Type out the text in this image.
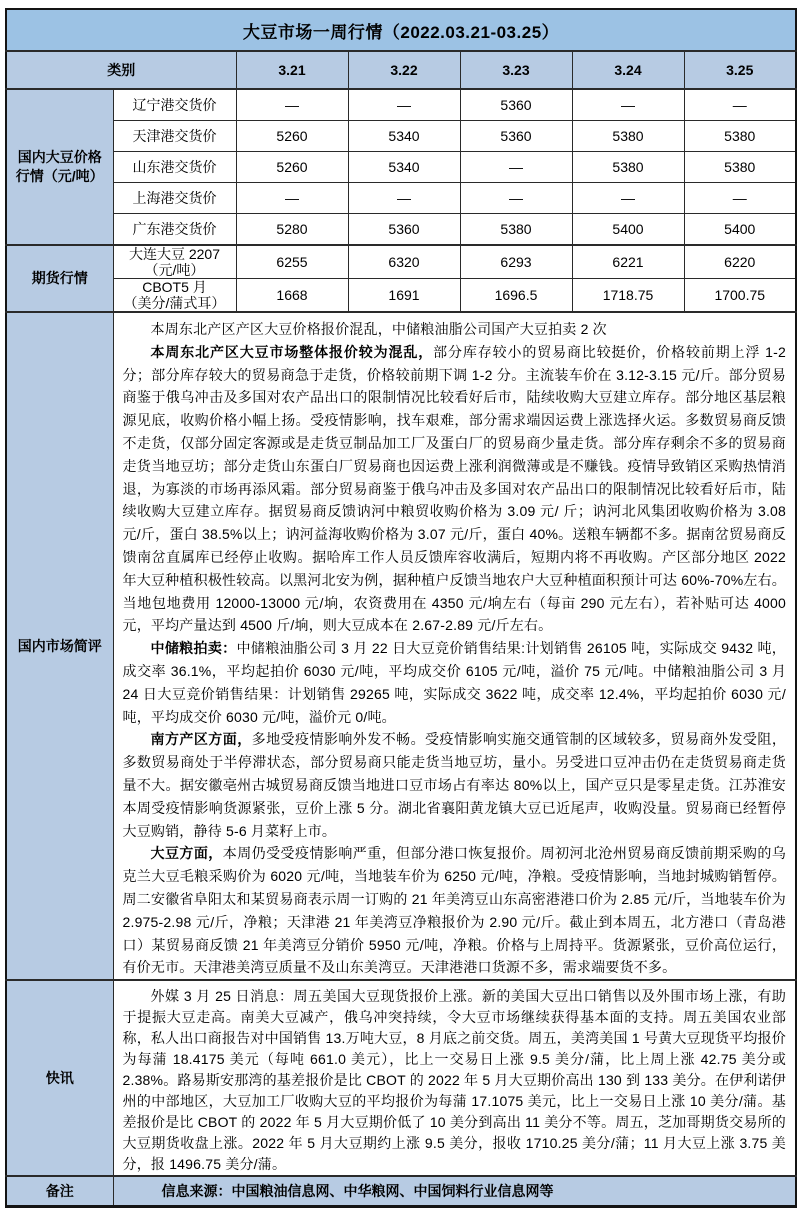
大豆市场一周行情（2022.03.21-03.25）						
类别		3.21	3.22	3.23	3.24	3.25
国内大豆价格
行情（元/吨）	辽宁港交货价	—	—	5360	—	—
	天津港交货价	5260	5340	5360	5380	5380
	山东港交货价	5260	5340	—	5380	5380
	上海港交货价	—	—	—	—	—
	广东港交货价	5280	5360	5380	5400	5400
期货行情	大连大豆 2207
（元/吨）	6255	6320	6293	6221	6220
	CBOT5 月
（美分/蒲式耳）	1668	1691	1696.5	1718.75	1700.75
国内市场简评	本周东北产区产区大豆价格报价混乱，中储粮油脂公司国产大豆拍卖 2 次
本周东北产区大豆市场整体报价较为混乱，部分库存较小的贸易商比较挺价，价格较前期上浮 1-2 分；部分库存较大的贸易商急于走货，价格较前期下调 1-2 分。主流装车价在 3.12-3.15 元/斤。部分贸易商鉴于俄乌冲击及多国对农产品出口的限制情况比较看好后市，陆续收购大豆建立库存。部分地区基层粮源见底，收购价格小幅上扬。受疫情影响，找车艰难，部分需求端因运费上涨选择火运。多数贸易商反馈不走货，仅部分固定客源或是走货豆制品加工厂及蛋白厂的贸易商少量走货。部分库存剩余不多的贸易商走货当地豆坊；部分走货山东蛋白厂贸易商也因运费上涨利润微薄或是不赚钱。疫情导致销区采购热情消退，为寡淡的市场再添风霜。部分贸易商鉴于俄乌冲击及多国对农产品出口的限制情况比较看好后市，陆续收购大豆建立库存。据贸易商反馈讷河中粮贸收购价格为 3.09 元/ 斤；讷河北风集团收购价格为 3.08 元/斤，蛋白 38.5%以上；讷河益海收购价格为 3.07 元/斤，蛋白 40%。送粮车辆都不多。据南岔贸易商反馈南岔直属库已经停止收购。据哈库工作人员反馈库容收满后，短期内将不再收购。产区部分地区 2022 年大豆种植积极性较高。以黑河北安为例，据种植户反馈当地农户大豆种植面积预计可达 60%-70%左右。当地包地费用 12000-13000 元/垧，农资费用在 4350 元/垧左右（每亩 290 元左右），若补贴可达 4000 元，平均产量达到 4500 斤/垧，则大豆成本在 2.67-2.89 元/斤左右。
中储粮拍卖：中储粮油脂公司 3 月 22 日大豆竞价销售结果:计划销售 26105 吨，实际成交 9432 吨，成交率 36.1%，平均起拍价 6030 元/吨，平均成交价 6105 元/吨，溢价 75 元/吨。中储粮油脂公司 3 月 24 日大豆竞价销售结果：计划销售 29265 吨，实际成交 3622 吨，成交率 12.4%，平均起拍价 6030 元/吨，平均成交价 6030 元/吨，溢价元 0/吨。
南方产区方面，多地受疫情影响外发不畅。受疫情影响实施交通管制的区域较多，贸易商外发受阻，多数贸易商处于半停滞状态，部分贸易商只能走货当地豆坊，量小。另受进口豆冲击仍在走货贸易商走货量不大。据安徽亳州古城贸易商反馈当地进口豆市场占有率达 80%以上，国产豆只是零星走货。江苏淮安本周受疫情影响货源紧张，豆价上涨 5 分。湖北省襄阳黄龙镇大豆已近尾声，收购没量。贸易商已经暂停大豆购销，静待 5-6 月菜籽上市。
大豆方面，本周仍受受疫情影响严重，但部分港口恢复报价。周初河北沧州贸易商反馈前期采购的乌克兰大豆毛粮采购价为 6020 元/吨，当地装车价为 6250 元/吨，净粮。受疫情影响，当地封城购销暂停。周二安徽省阜阳太和某贸易商表示周一订购的 21 年美湾豆山东高密港港口价为 2.85 元/斤，当地装车价为 2.975-2.98 元/斤，净粮；天津港 21 年美湾豆净粮报价为 2.90 元/斤。截止到本周五，北方港口（青岛港口）某贸易商反馈 21 年美湾豆分销价 5950 元/吨，净粮。价格与上周持平。货源紧张，豆价高位运行，有价无市。天津港美湾豆质量不及山东美湾豆。天津港港口货源不多，需求端要货不多。					

快讯	外媒 3 月 25 日消息：周五美国大豆现货报价上涨。新的美国大豆出口销售以及外围市场上涨，有助于提振大豆走高。南美大豆减产，俄乌冲突持续，令大豆市场继续获得基本面的支持。周五美国农业部称，私人出口商报告对中国销售 13.万吨大豆，8 月底之前交货。周五，美湾美国 1 号黄大豆现货平均报价为每蒲 18.4175 美元（每吨 661.0 美元），比上一交易日上涨 9.5 美分/蒲，比上周上涨 42.75 美分或 2.38%。路易斯安那湾的基差报价是比 CBOT 的 2022 年 5 月大豆期价高出 130 到 133 美分。在伊利诺伊州的中部地区，大豆加工厂收购大豆的平均报价为每蒲 17.1075 美元，比上一交易日上涨 10 美分/蒲。基差报价是比 CBOT 的 2022 年 5 月大豆期价低了 10 美分到高出 11 美分不等。周五，芝加哥期货交易所的大豆期货收盘上涨。2022 年 5 月大豆期约上涨 9.5 美分，报收 1710.25 美分/蒲；11 月大豆上涨 3.75 美分，报 1496.75 美分/蒲。					

备注	信息来源：中国粮油信息网、中华粮网、中国饲料行业信息网等					
